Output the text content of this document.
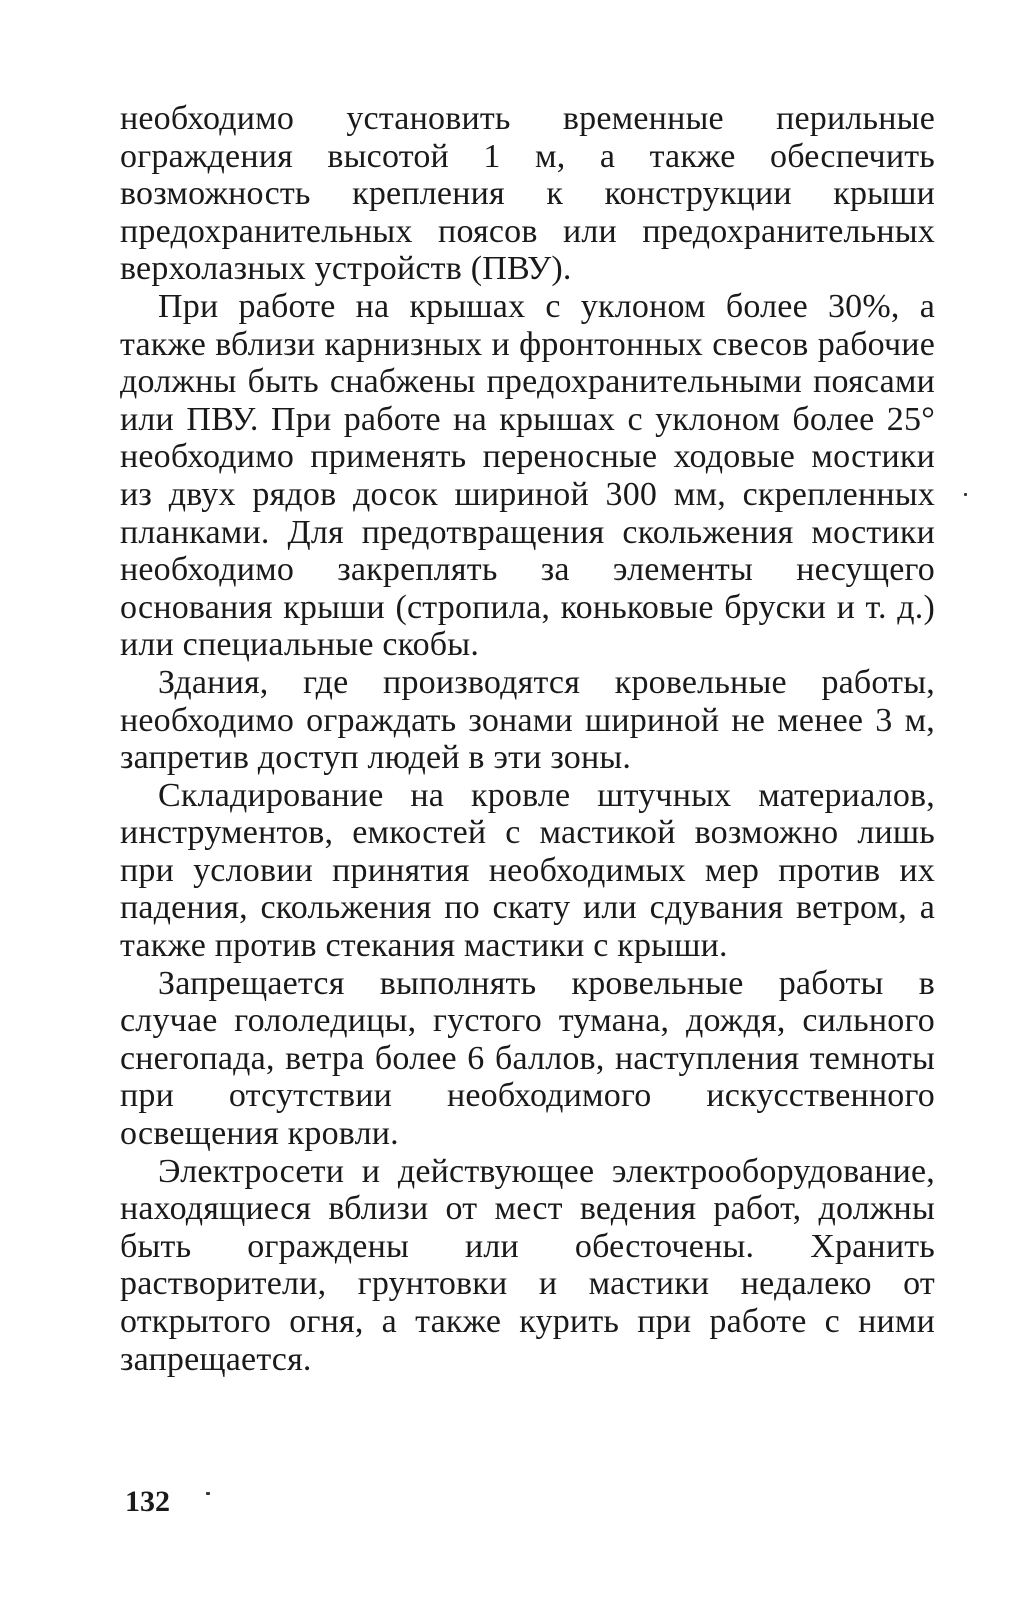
необходимо установить временные перильные ограждения высотой 1 м, а также обеспечить возможность крепления к конструкции крыши предохранительных поясов или предохранительных верхолазных устройств (ПВУ).

При работе на крышах с уклоном более 30%, а также вблизи карнизных и фронтонных свесов рабочие должны быть снабжены предохранительными поясами или ПВУ. При работе на крышах с уклоном более 25° необходимо применять переносные ходовые мостики из двух рядов досок шириной 300 мм, скрепленных планками. Для предотвращения скольжения мостики необходимо закреплять за элементы несущего основания крыши (стропила, коньковые бруски и т. д.) или специальные скобы.

Здания, где производятся кровельные работы, необходимо ограждать зонами шириной не менее 3 м, запретив доступ людей в эти зоны.

Складирование на кровле штучных материалов, инструментов, емкостей с мастикой возможно лишь при условии принятия необходимых мер против их падения, скольжения по скату или сдувания ветром, а также против стекания мастики с крыши.

Запрещается выполнять кровельные работы в случае гололедицы, густого тумана, дождя, сильного снегопада, ветра более 6 баллов, наступления темноты при отсутствии необходимого искусственного освещения кровли.

Электросети и действующее электрооборудование, находящиеся вблизи от мест ведения работ, должны быть ограждены или обесточены. Хранить растворители, грунтовки и мастики недалеко от открытого огня, а также курить при работе с ними запрещается.

132
